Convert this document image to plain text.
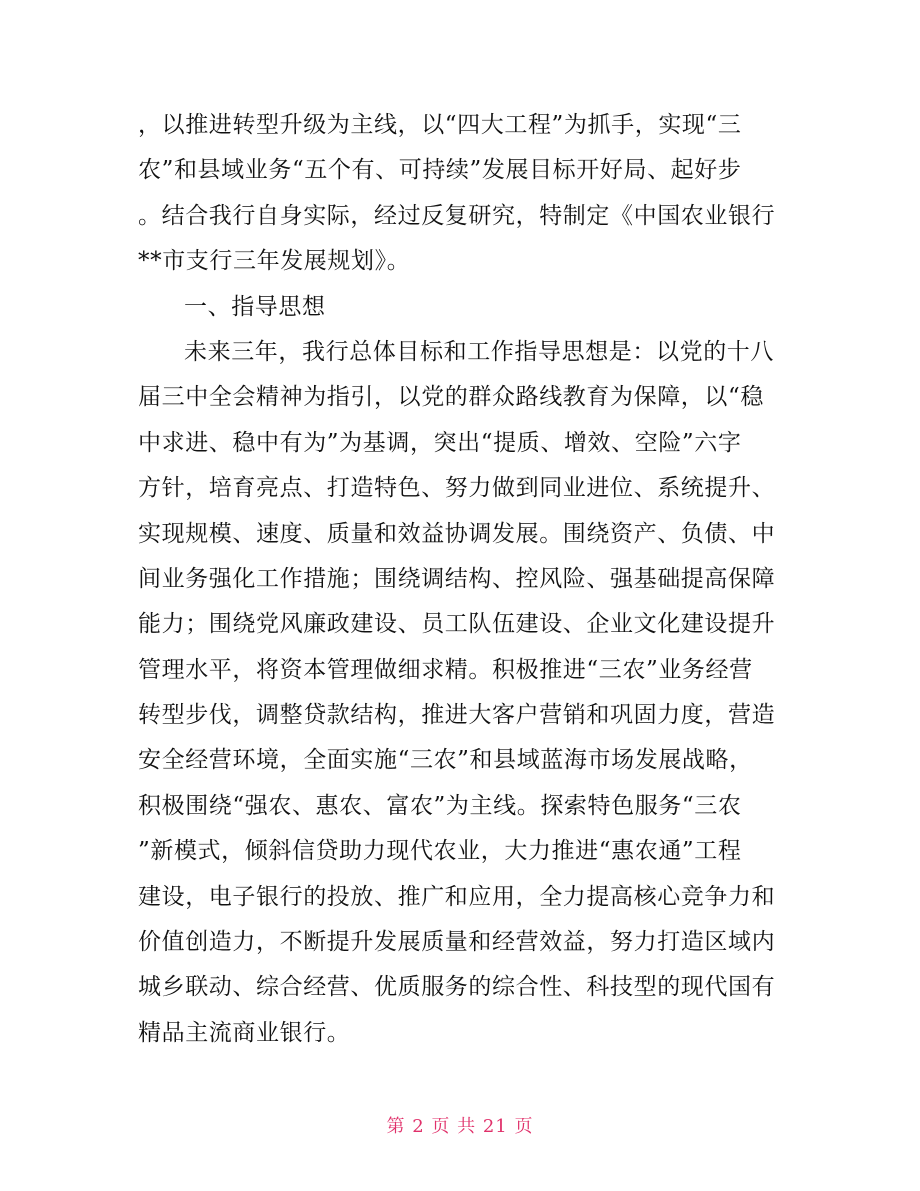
，以推进转型升级为主线，以“四大工程”为抓手，实现“三
农”和县域业务“五个有、可持续”发展目标开好局、起好步
。结合我行自身实际，经过反复研究，特制定《中国农业银行
**市支行三年发展规划》。
一、指导思想
未来三年，我行总体目标和工作指导思想是：以党的十八
届三中全会精神为指引，以党的群众路线教育为保障，以“稳
中求进、稳中有为”为基调，突出“提质、增效、空险”六字
方针，培育亮点、打造特色、努力做到同业进位、系统提升、
实现规模、速度、质量和效益协调发展。围绕资产、负债、中
间业务强化工作措施；围绕调结构、控风险、强基础提高保障
能力；围绕党风廉政建设、员工队伍建设、企业文化建设提升
管理水平，将资本管理做细求精。积极推进“三农”业务经营
转型步伐，调整贷款结构，推进大客户营销和巩固力度，营造
安全经营环境，全面实施“三农”和县域蓝海市场发展战略，
积极围绕“强农、惠农、富农”为主线。探索特色服务“三农
”新模式，倾斜信贷助力现代农业，大力推进“惠农通”工程
建设，电子银行的投放、推广和应用，全力提高核心竞争力和
价值创造力，不断提升发展质量和经营效益，努力打造区域内
城乡联动、综合经营、优质服务的综合性、科技型的现代国有
精品主流商业银行。
第 2 页 共 21 页
